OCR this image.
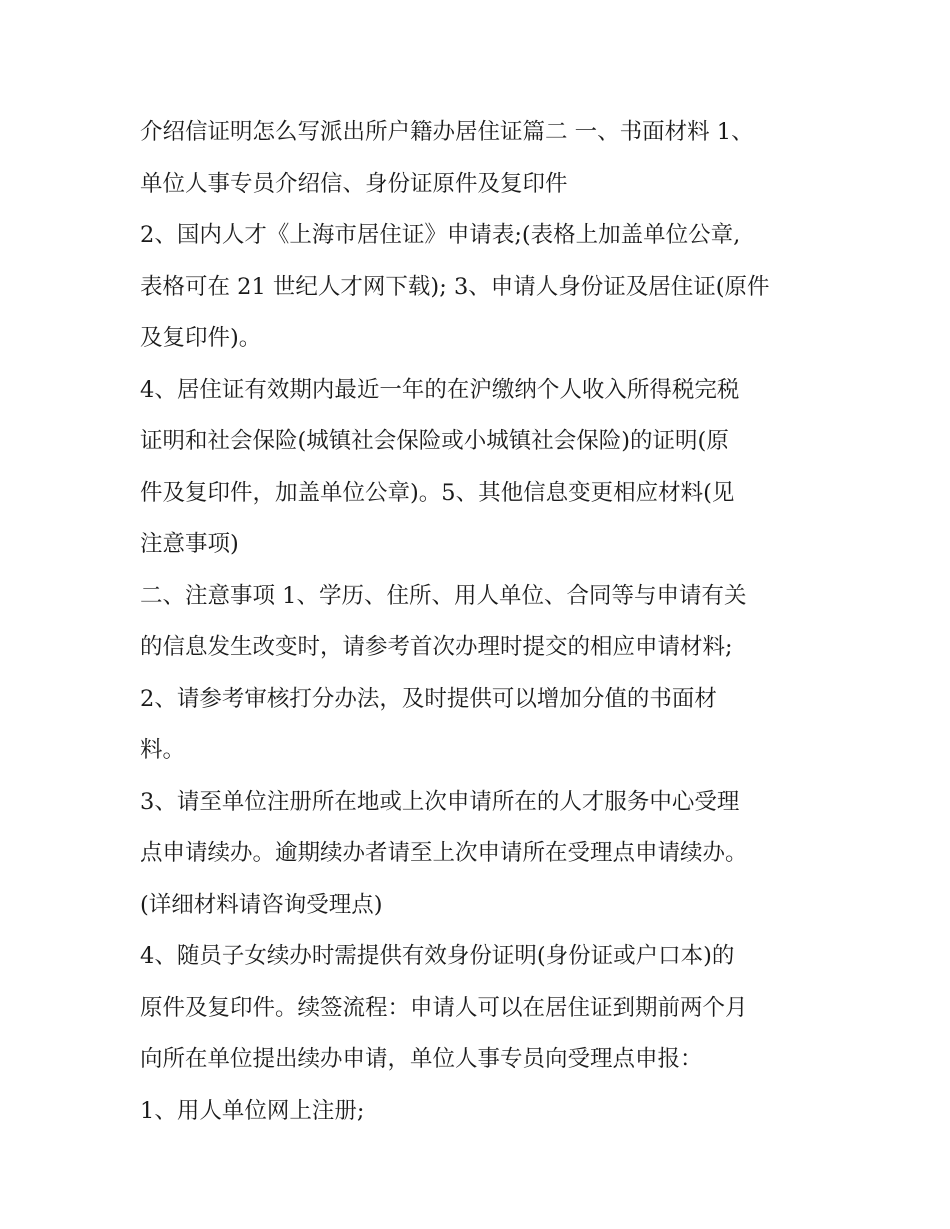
介绍信证明怎么写派出所户籍办居住证篇二 一、书面材料 1、
单位人事专员介绍信、身份证原件及复印件
2、国内人才《上海市居住证》申请表;(表格上加盖单位公章,
表格可在 21 世纪人才网下载); 3、申请人身份证及居住证(原件
及复印件)。
4、居住证有效期内最近一年的在沪缴纳个人收入所得税完税
证明和社会保险(城镇社会保险或小城镇社会保险)的证明(原
件及复印件，加盖单位公章)。5、其他信息变更相应材料(见
注意事项)
二、注意事项 1、学历、住所、用人单位、合同等与申请有关
的信息发生改变时，请参考首次办理时提交的相应申请材料;
2、请参考审核打分办法，及时提供可以增加分值的书面材
料。
3、请至单位注册所在地或上次申请所在的人才服务中心受理
点申请续办。逾期续办者请至上次申请所在受理点申请续办。
(详细材料请咨询受理点)
4、随员子女续办时需提供有效身份证明(身份证或户口本)的
原件及复印件。续签流程：申请人可以在居住证到期前两个月
向所在单位提出续办申请，单位人事专员向受理点申报：
1、用人单位网上注册;
